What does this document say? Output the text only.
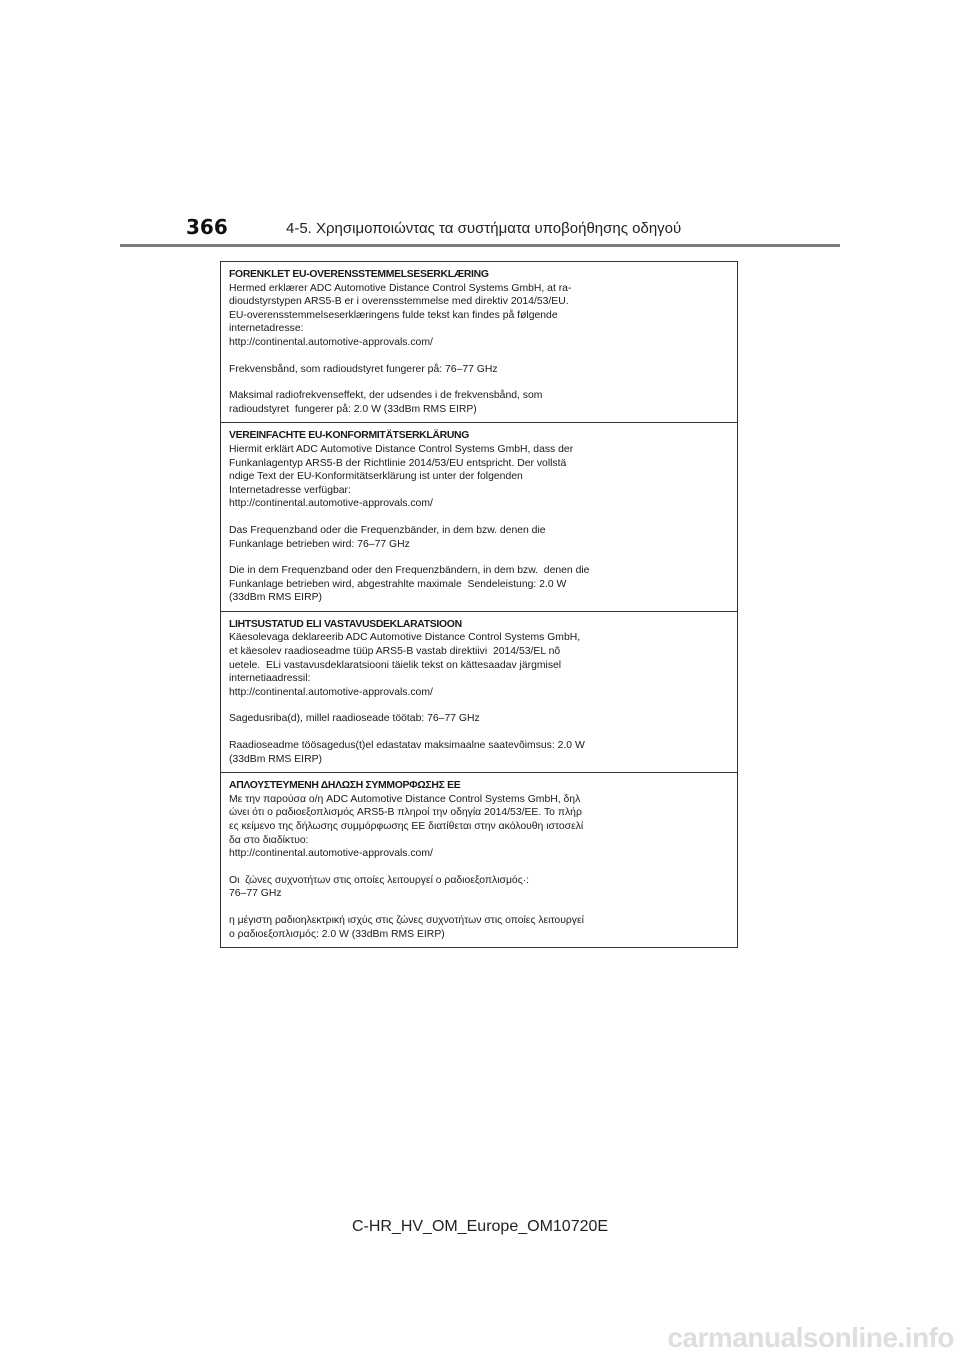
366	4-5. Χρησιμοποιώντας τα συστήματα υποβοήθησης οδηγού
FORENKLET EU-OVERENSSTEMMELSESERKLÆRING
Hermed erklærer ADC Automotive Distance Control Systems GmbH, at ra-
dioudstyrstypen ARS5-B er i overensstemmelse med direktiv 2014/53/EU.
EU-overensstemmelseserklæringens fulde tekst kan findes på følgende
internetadresse:
http://continental.automotive-approvals.com/
Frekvensbånd, som radioudstyret fungerer på: 76–77 GHz
Maksimal radiofrekvenseffekt, der udsendes i de frekvensbånd, som
radioudstyret  fungerer på: 2.0 W (33dBm RMS EIRP)
VEREINFACHTE EU-KONFORMITÄTSERKLÄRUNG
Hiermit erklärt ADC Automotive Distance Control Systems GmbH, dass der
Funkanlagentyp ARS5-B der Richtlinie 2014/53/EU entspricht. Der vollstä
ndige Text der EU-Konformitätserklärung ist unter der folgenden
Internetadresse verfügbar:
http://continental.automotive-approvals.com/
Das Frequenzband oder die Frequenzbänder, in dem bzw. denen die
Funkanlage betrieben wird: 76–77 GHz
Die in dem Frequenzband oder den Frequenzbändern, in dem bzw.  denen die
Funkanlage betrieben wird, abgestrahlte maximale  Sendeleistung: 2.0 W
(33dBm RMS EIRP)
LIHTSUSTATUD ELI VASTAVUSDEKLARATSIOON
Käesolevaga deklareerib ADC Automotive Distance Control Systems GmbH,
et käesolev raadioseadme tüüp ARS5-B vastab direktiivi  2014/53/EL nõ
uetele.  ELi vastavusdeklaratsiooni täielik tekst on kättesaadav järgmisel
internetiaadressil:
http://continental.automotive-approvals.com/
Sagedusriba(d), millel raadioseade töötab: 76–77 GHz
Raadioseadme töösagedus(t)el edastatav maksimaalne saatevõimsus: 2.0 W
(33dBm RMS EIRP)
ΑΠΛΟΥΣΤΕΥΜΕΝΗ ΔΗΛΩΣΗ ΣΥΜΜΟΡΦΩΣΗΣ ΕΕ
Με την παρούσα ο/η ADC Automotive Distance Control Systems GmbH, δηλ
ώνει ότι ο ραδιοεξοπλισμός ARS5-B πληροί την οδηγία 2014/53/ΕΕ. Το πλήρ
ες κείμενο της δήλωσης συμμόρφωσης ΕΕ διατίθεται στην ακόλουθη ιστοσελί
δα στο διαδίκτυο:
http://continental.automotive-approvals.com/
Οι  ζώνες συχνοτήτων στις οποίες λειτουργεί ο ραδιοεξοπλισμός·:
76–77 GHz
η μέγιστη ραδιοηλεκτρική ισχύς στις ζώνες συχνοτήτων στις οποίες λειτουργεί
ο ραδιοεξοπλισμός: 2.0 W (33dBm RMS EIRP)
C-HR_HV_OM_Europe_OM10720E
carmanualsonline.info
